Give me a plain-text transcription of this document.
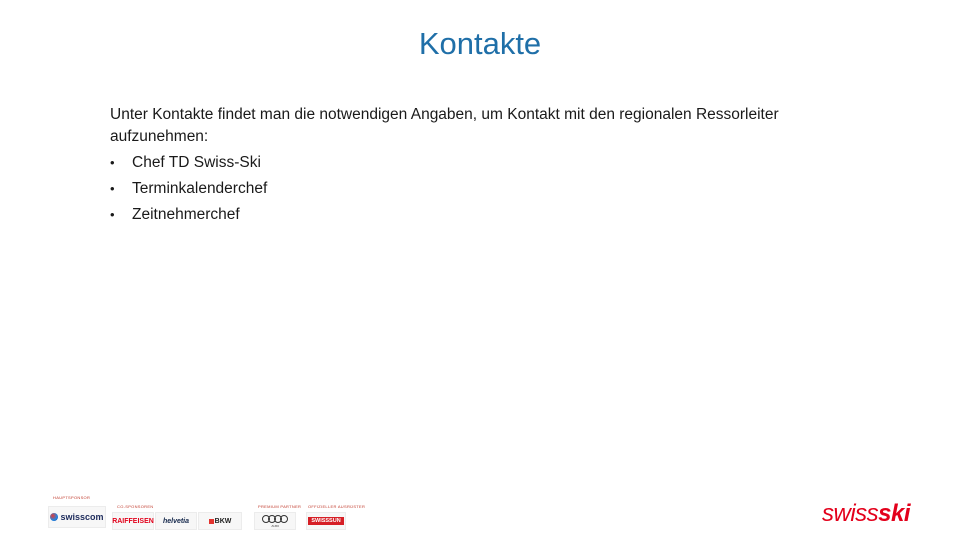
Kontakte

Unter Kontakte findet man die notwendigen Angaben, um Kontakt mit den regionalen Ressorleiter aufzunehmen:

• Chef TD Swiss-Ski
• Terminkalenderchef
• Zeitnehmerchef
HAUPTSPONSOR
swisscom
CO-SPONSOREN
RAIFFEISEN helvetia	BKW
PREMIUM PARTNER
AUDI
OFFIZIELLER AUSRÜSTER
SWISSSUN	swissski
